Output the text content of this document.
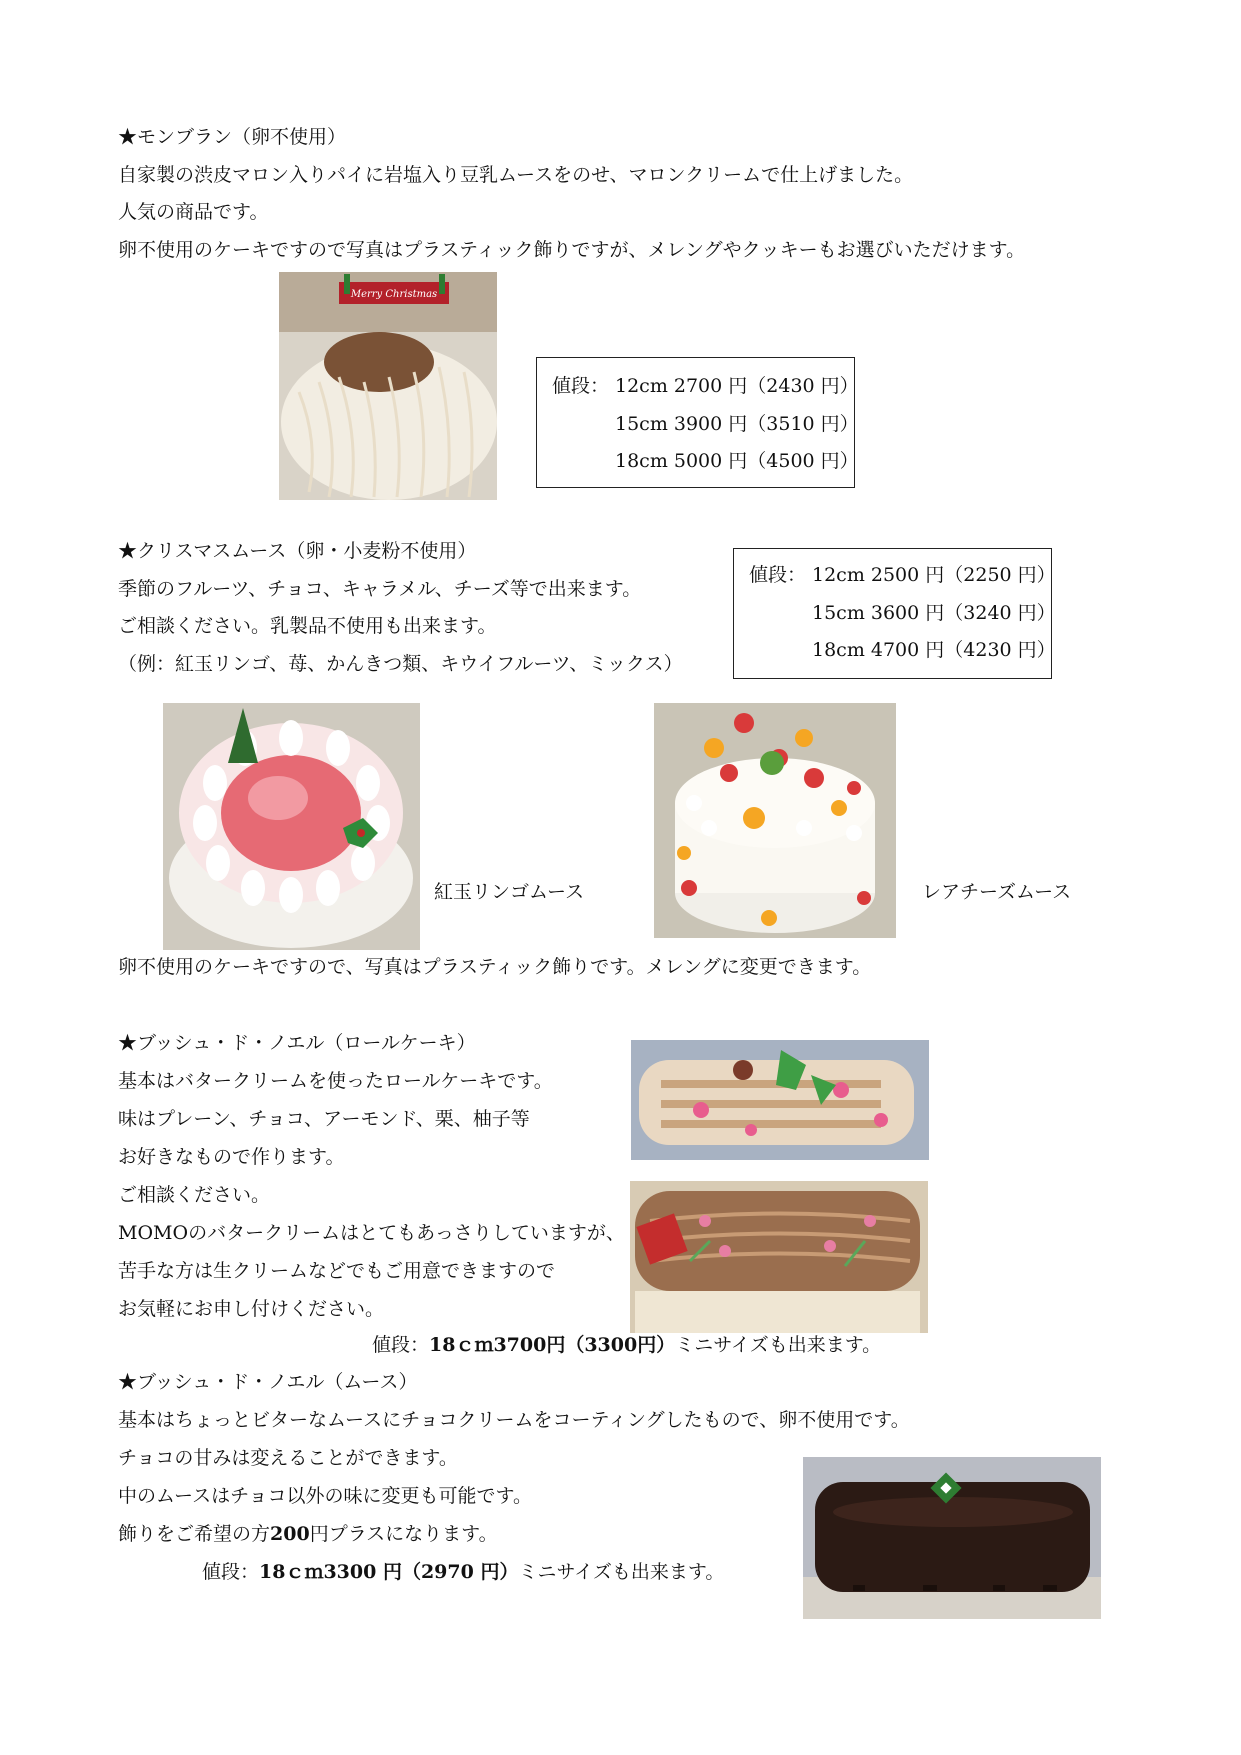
★モンブラン（卵不使用）
自家製の渋皮マロン入りパイに岩塩入り豆乳ムースをのせ、マロンクリームで仕上げました。
人気の商品です。
卵不使用のケーキですので写真はプラスティック飾りですが、メレングやクッキーもお選びいただけます。
Merry Christmas
値段： 12cm 2700 円（2430 円）
15cm 3900 円（3510 円）
18cm 5000 円（4500 円）
★クリスマスムース（卵・小麦粉不使用）
季節のフルーツ、チョコ、キャラメル、チーズ等で出来ます。
ご相談ください。乳製品不使用も出来ます。
（例：紅玉リンゴ、苺、かんきつ類、キウイフルーツ、ミックス）
値段： 12cm 2500 円（2250 円）
15cm 3600 円（3240 円）
18cm 4700 円（4230 円）
紅玉リンゴムース	レアチーズムース
卵不使用のケーキですので、写真はプラスティック飾りです。メレングに変更できます。
★ブッシュ・ド・ノエル（ロールケーキ）
基本はバタークリームを使ったロールケーキです。
味はプレーン、チョコ、アーモンド、栗、柚子等
お好きなもので作ります。
ご相談ください。
MOMOのバタークリームはとてもあっさりしていますが、
苦手な方は生クリームなどでもご用意できますので
お気軽にお申し付けください。
値段：18ｃｍ3700円（3300円）ミニサイズも出来ます。
★ブッシュ・ド・ノエル（ムース）
基本はちょっとビターなムースにチョコクリームをコーティングしたもので、卵不使用です。
チョコの甘みは変えることができます。
中のムースはチョコ以外の味に変更も可能です。
飾りをご希望の方200円プラスになります。
値段：18ｃｍ3300 円（2970 円）ミニサイズも出来ます。
